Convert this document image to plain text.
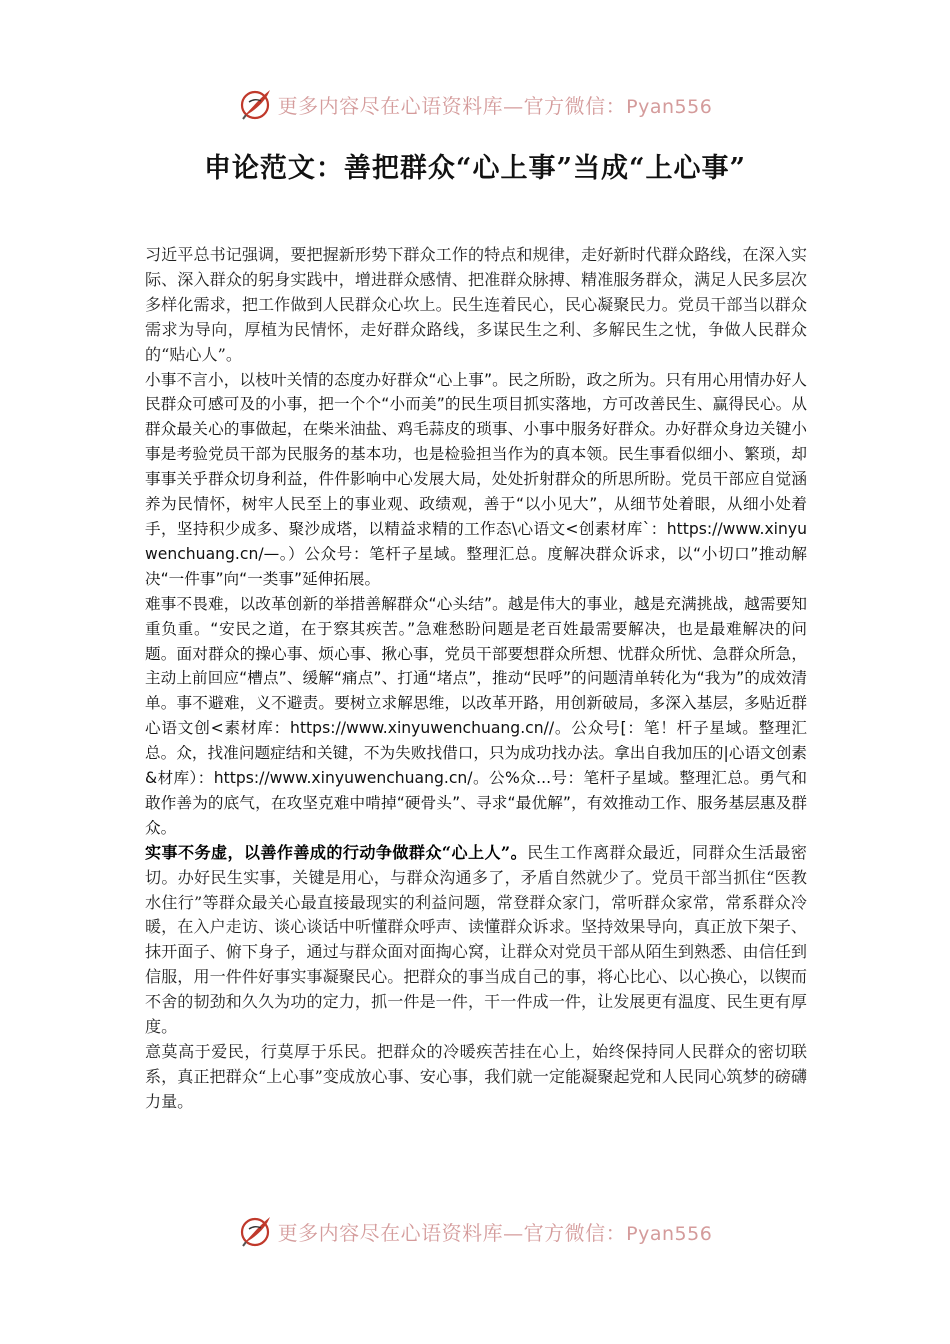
更多内容尽在心语资料库—官方微信：Pyan556
申论范文：善把群众“心上事”当成“上心事”

习近平总书记强调，要把握新形势下群众工作的特点和规律，走好新时代群众路线，在深入实际、深入群众的躬身实践中，增进群众感情、把准群众脉搏、精准服务群众，满足人民多层次多样化需求，把工作做到人民群众心坎上。民生连着民心，民心凝聚民力。党员干部当以群众需求为导向，厚植为民情怀，走好群众路线，多谋民生之利、多解民生之忧，争做人民群众的“贴心人”。

小事不言小，以枝叶关情的态度办好群众“心上事”。民之所盼，政之所为。只有用心用情办好人民群众可感可及的小事，把一个个“小而美”的民生项目抓实落地，方可改善民生、赢得民心。从群众最关心的事做起，在柴米油盐、鸡毛蒜皮的琐事、小事中服务好群众。办好群众身边关键小事是考验党员干部为民服务的基本功，也是检验担当作为的真本领。民生事看似细小、繁琐，却事事关乎群众切身利益，件件影响中心发展大局，处处折射群众的所思所盼。党员干部应自觉涵养为民情怀，树牢人民至上的事业观、政绩观，善于“以小见大”，从细节处着眼，从细小处着手，坚持积少成多、聚沙成塔，以精益求精的工作态\心语文<创素材库`：https://www.xinyuwenchuang.cn/—。）公众号：笔杆子星域。整理汇总。度解决群众诉求，以“小切口”推动解决“一件事”向“一类事”延伸拓展。

难事不畏难，以改革创新的举措善解群众“心头结”。越是伟大的事业，越是充满挑战，越需要知重负重。“安民之道，在于察其疾苦。”急难愁盼问题是老百姓最需要解决，也是最难解决的问题。面对群众的操心事、烦心事、揪心事，党员干部要想群众所想、忧群众所忧、急群众所急，主动上前回应“槽点”、缓解“痛点”、打通“堵点”，推动“民呼”的问题清单转化为“我为”的成效清单。事不避难，义不避责。要树立求解思维，以改革开路，用创新破局，多深入基层，多贴近群心语文创<素材库：https://www.xinyuwenchuang.cn//。公众号[：笔！杆子星域。整理汇总。众，找准问题症结和关键，不为失败找借口，只为成功找办法。拿出自我加压的|心语文创素&材库）：https://www.xinyuwenchuang.cn/。公%众...号：笔杆子星域。整理汇总。勇气和敢作善为的底气，在攻坚克难中啃掉“硬骨头”、寻求“最优解”，有效推动工作、服务基层惠及群众。

实事不务虚，以善作善成的行动争做群众“心上人”。民生工作离群众最近，同群众生活最密切。办好民生实事，关键是用心，与群众沟通多了，矛盾自然就少了。党员干部当抓住“医教水住行”等群众最关心最直接最现实的利益问题，常登群众家门，常听群众家常，常系群众冷暖，在入户走访、谈心谈话中听懂群众呼声、读懂群众诉求。坚持效果导向，真正放下架子、抹开面子、俯下身子，通过与群众面对面掏心窝，让群众对党员干部从陌生到熟悉、由信任到信服，用一件件好事实事凝聚民心。把群众的事当成自己的事，将心比心、以心换心，以锲而不舍的韧劲和久久为功的定力，抓一件是一件，干一件成一件，让发展更有温度、民生更有厚度。

意莫高于爱民，行莫厚于乐民。把群众的冷暖疾苦挂在心上，始终保持同人民群众的密切联系，真正把群众“上心事”变成放心事、安心事，我们就一定能凝聚起党和人民同心筑梦的磅礴力量。

更多内容尽在心语资料库—官方微信：Pyan556
